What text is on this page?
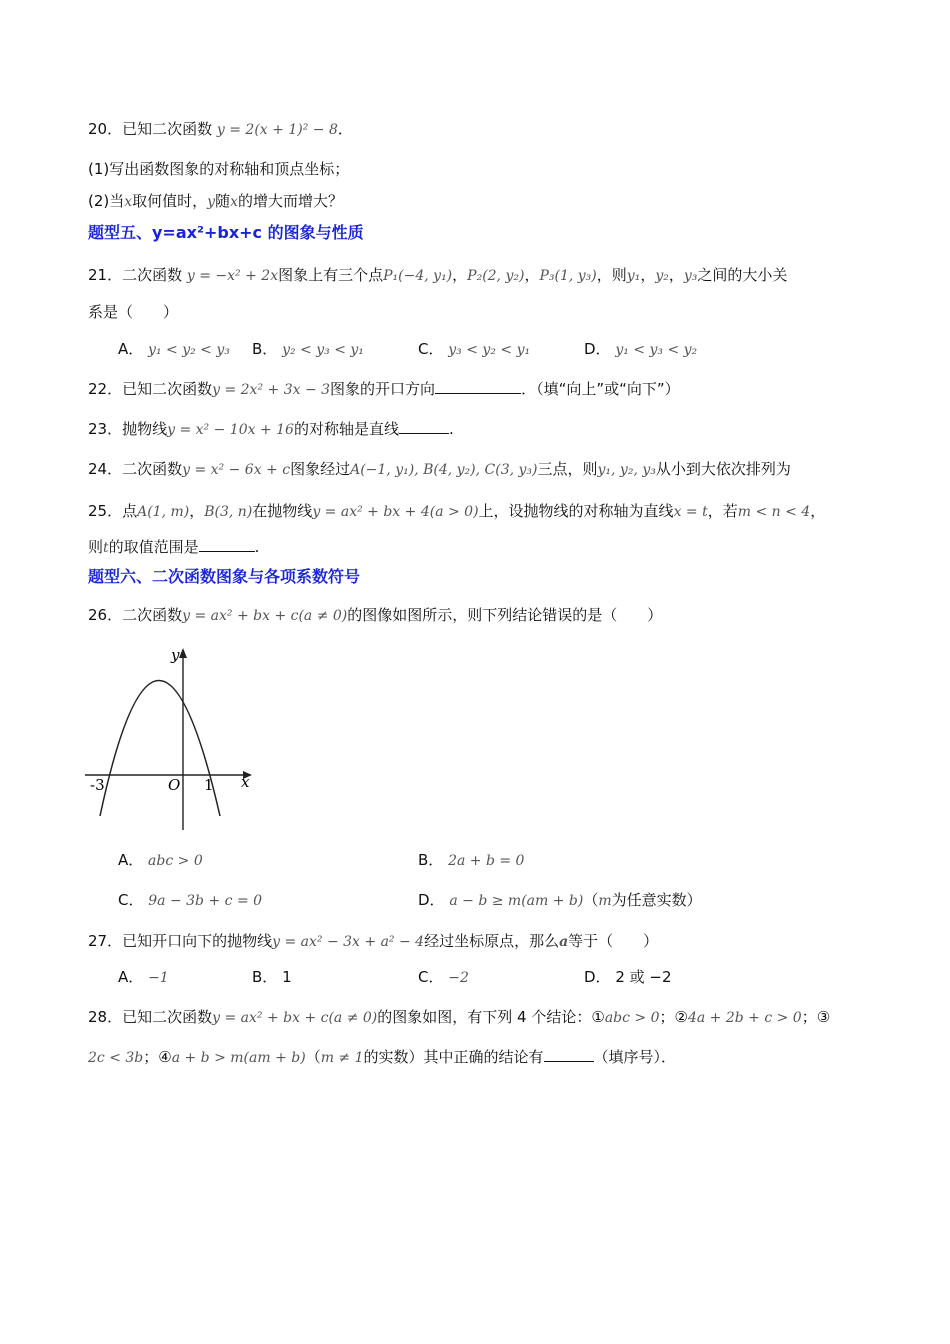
20．已知二次函数 y = 2(x + 1)² − 8．
(1)写出函数图象的对称轴和顶点坐标；
(2)当x取何值时，y随x的增大而增大？
题型五、y=ax²+bx+c 的图象与性质
21．二次函数 y = −x² + 2x图象上有三个点P₁(−4, y₁)，P₂(2, y₂)，P₃(1, y₃)，则y₁，y₂，y₃之间的大小关
系是（　　）
A． y₁ < y₂ < y₃ B． y₂ < y₃ < y₁	C． y₃ < y₂ < y₁	D． y₁ < y₃ < y₂
22．已知二次函数y = 2x² + 3x − 3图象的开口方向	．（填“向上”或“向下”）
23．抛物线y = x² − 10x + 16的对称轴是直线	.
24．二次函数y = x² − 6x + c图象经过A(−1, y₁), B(4, y₂), C(3, y₃)三点，则y₁, y₂, y₃从小到大依次排列为
25．点A(1, m)，B(3, n)在抛物线y = ax² + bx + 4(a > 0)上，设抛物线的对称轴为直线x = t，若m < n < 4，
则t的取值范围是	.
题型六、二次函数图象与各项系数符号
26．二次函数y = ax² + bx + c(a ≠ 0)的图像如图所示，则下列结论错误的是（　　）
y
x
O
-3	1
A． abc > 0	B． 2a + b = 0
C． 9a − 3b + c = 0	D． a − b ≥ m(am + b)（m为任意实数）
27．已知开口向下的抛物线y = ax² − 3x + a² − 4经过坐标原点，那么a等于（　　）
A． −1	B． 1	C． −2	D． 2 或 −2
28．已知二次函数y = ax² + bx + c(a ≠ 0)的图象如图，有下列 4 个结论：①abc > 0；②4a + 2b + c > 0；③
2c < 3b；④a + b > m(am + b)（m ≠ 1的实数）其中正确的结论有	（填序号）．
